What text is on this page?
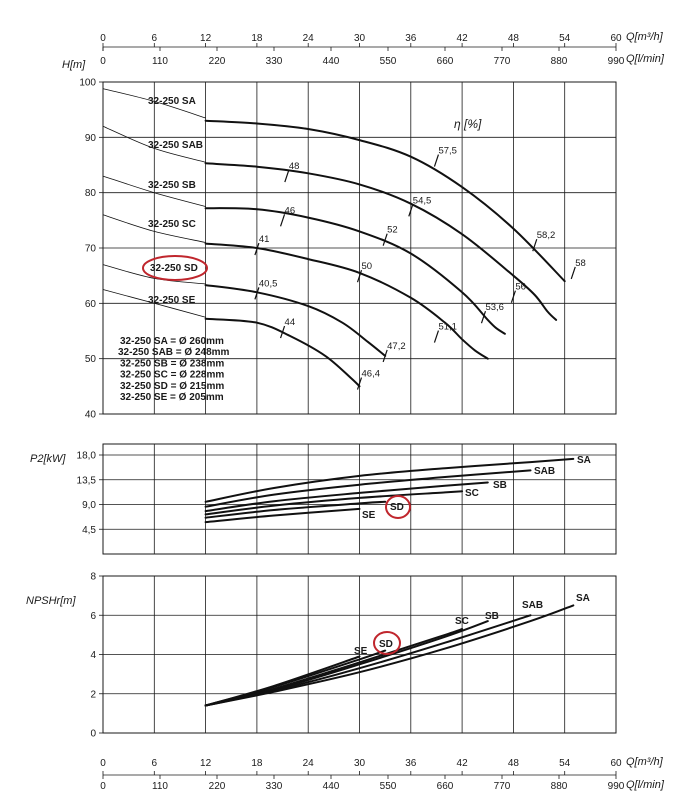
0	6	12	18	24	30	36	42	48	54	60
0	110	220	330	440	550	660	770	880	990
Q[m³/h]
Q[l/min]
0	6	12	18	24	30	36	42	48	54	60
0	110	220	330	440	550	660	770	880	990
Q[m³/h]
Q[l/min]
40
50
60
70
80
90
100
H[m]
η [%]
32-250 SA
32-250 SAB
32-250 SB
32-250 SC
32-250 SD
32-250 SE
48
57,5
46
54,5
41
52
58,2
58
50
40,5	56
53,6
44	51,1
47,2
46,4
32-250 SA = Ø 260mm
32-250 SAB = Ø 248mm
32-250 SB = Ø 238mm
32-250 SC = Ø 228mm
32-250 SD = Ø 215mm
32-250 SE = Ø 205mm
4,5
9,0
13,5
18,0
P2[kW]	SA
SAB
SB
SC
SD
SE
0
2
4
6
8
NPSHr[m]	SA
SAB
SB
SC
SD
SE
